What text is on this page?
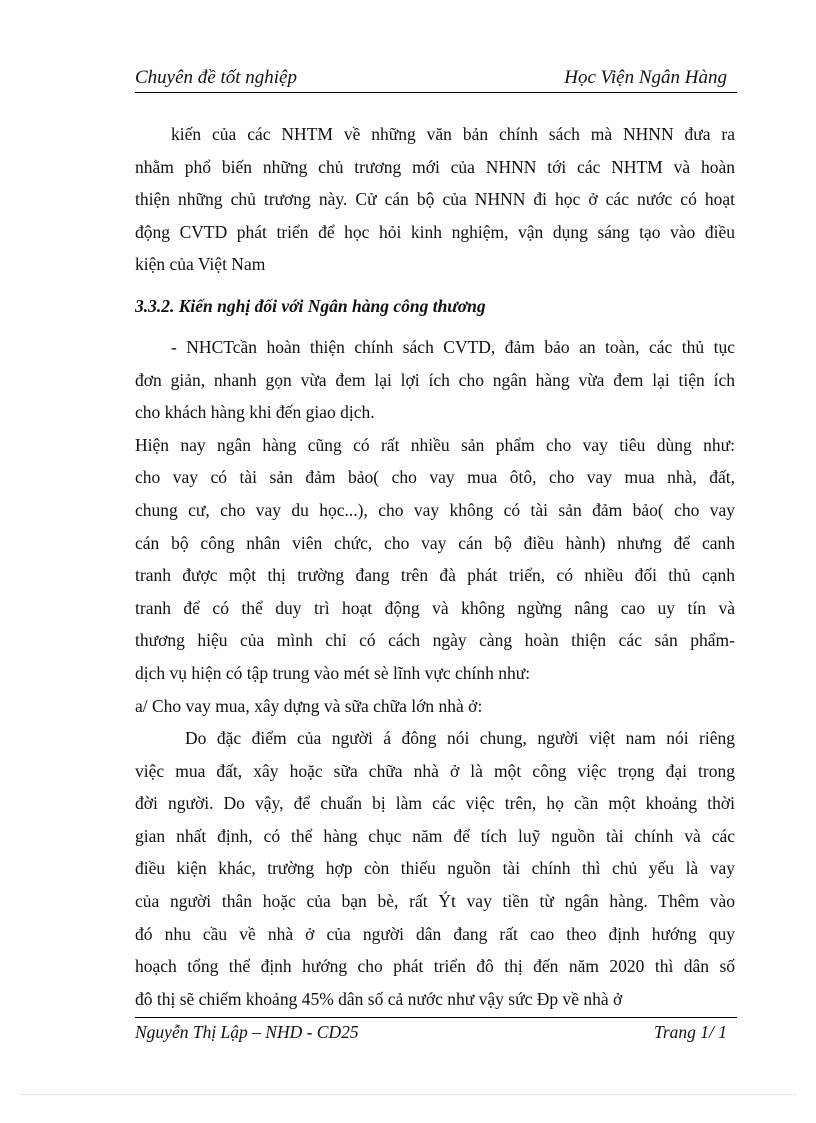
Chuyên đề tốt nghiệp	Học Viện Ngân Hàng
kiến của các NHTM về những văn bản chính sách mà NHNN đưa ra
nhằm phổ biến những chủ trương mới của NHNN tới các NHTM và hoàn
thiện những chủ trương này. Cử cán bộ của NHNN đi học ở các nước có hoạt
động CVTD phát triển để học hỏi kinh nghiệm, vận dụng sáng tạo vào điều
kiện của Việt Nam
3.3.2. Kiến nghị đối với Ngân hàng công thương
- NHCTcần hoàn thiện chính sách CVTD, đảm bảo an toàn, các thủ tục
đơn giản, nhanh gọn vừa đem lại lợi ích cho ngân hàng vừa đem lại tiện ích
cho khách hàng khi đến giao dịch.
Hiện nay ngân hàng cũng có rất nhiều sản phẩm cho vay tiêu dùng như:
cho vay có tài sản đảm bảo( cho vay mua ôtô, cho vay mua nhà, đất,
chung cư, cho vay du học...), cho vay không có tài sản đảm bảo( cho vay
cán bộ công nhân viên chức, cho vay cán bộ điều hành) nhưng để canh
tranh được một thị trường đang trên đà phát triển, có nhiều đối thủ cạnh
tranh để có thể duy trì hoạt động và không ngừng nâng cao uy tín và
thương hiệu của mình chỉ có cách ngày càng hoàn thiện các sản phẩm-
dịch vụ hiện có tập trung vào mét sè lĩnh vực chính như:
a/ Cho vay mua, xây dựng và sữa chữa lớn nhà ở:
Do đặc điểm của người á đông nói chung, người việt nam nói riêng
việc mua đất, xây hoặc sữa chữa nhà ở là một công việc trọng đại trong
đời người. Do vậy, để chuẩn bị làm các việc trên, họ cần một khoảng thời
gian nhất định, có thể hàng chục năm để tích luỹ nguồn tài chính và các
điều kiện khác, trường hợp còn thiếu nguồn tài chính thì chủ yếu là vay
của người thân hoặc của bạn bè, rất Ýt vay tiền từ ngân hàng. Thêm vào
đó nhu cầu về nhà ở của người dân đang rất cao theo định hướng quy
hoạch tổng thể định hướng cho phát triển đô thị đến năm 2020 thì dân số
đô thị sẽ chiếm khoảng 45% dân số cả nước như vậy sức Ðp về nhà ở
Nguyễn Thị Lập – NHD - CD25	Trang 1/ 1
